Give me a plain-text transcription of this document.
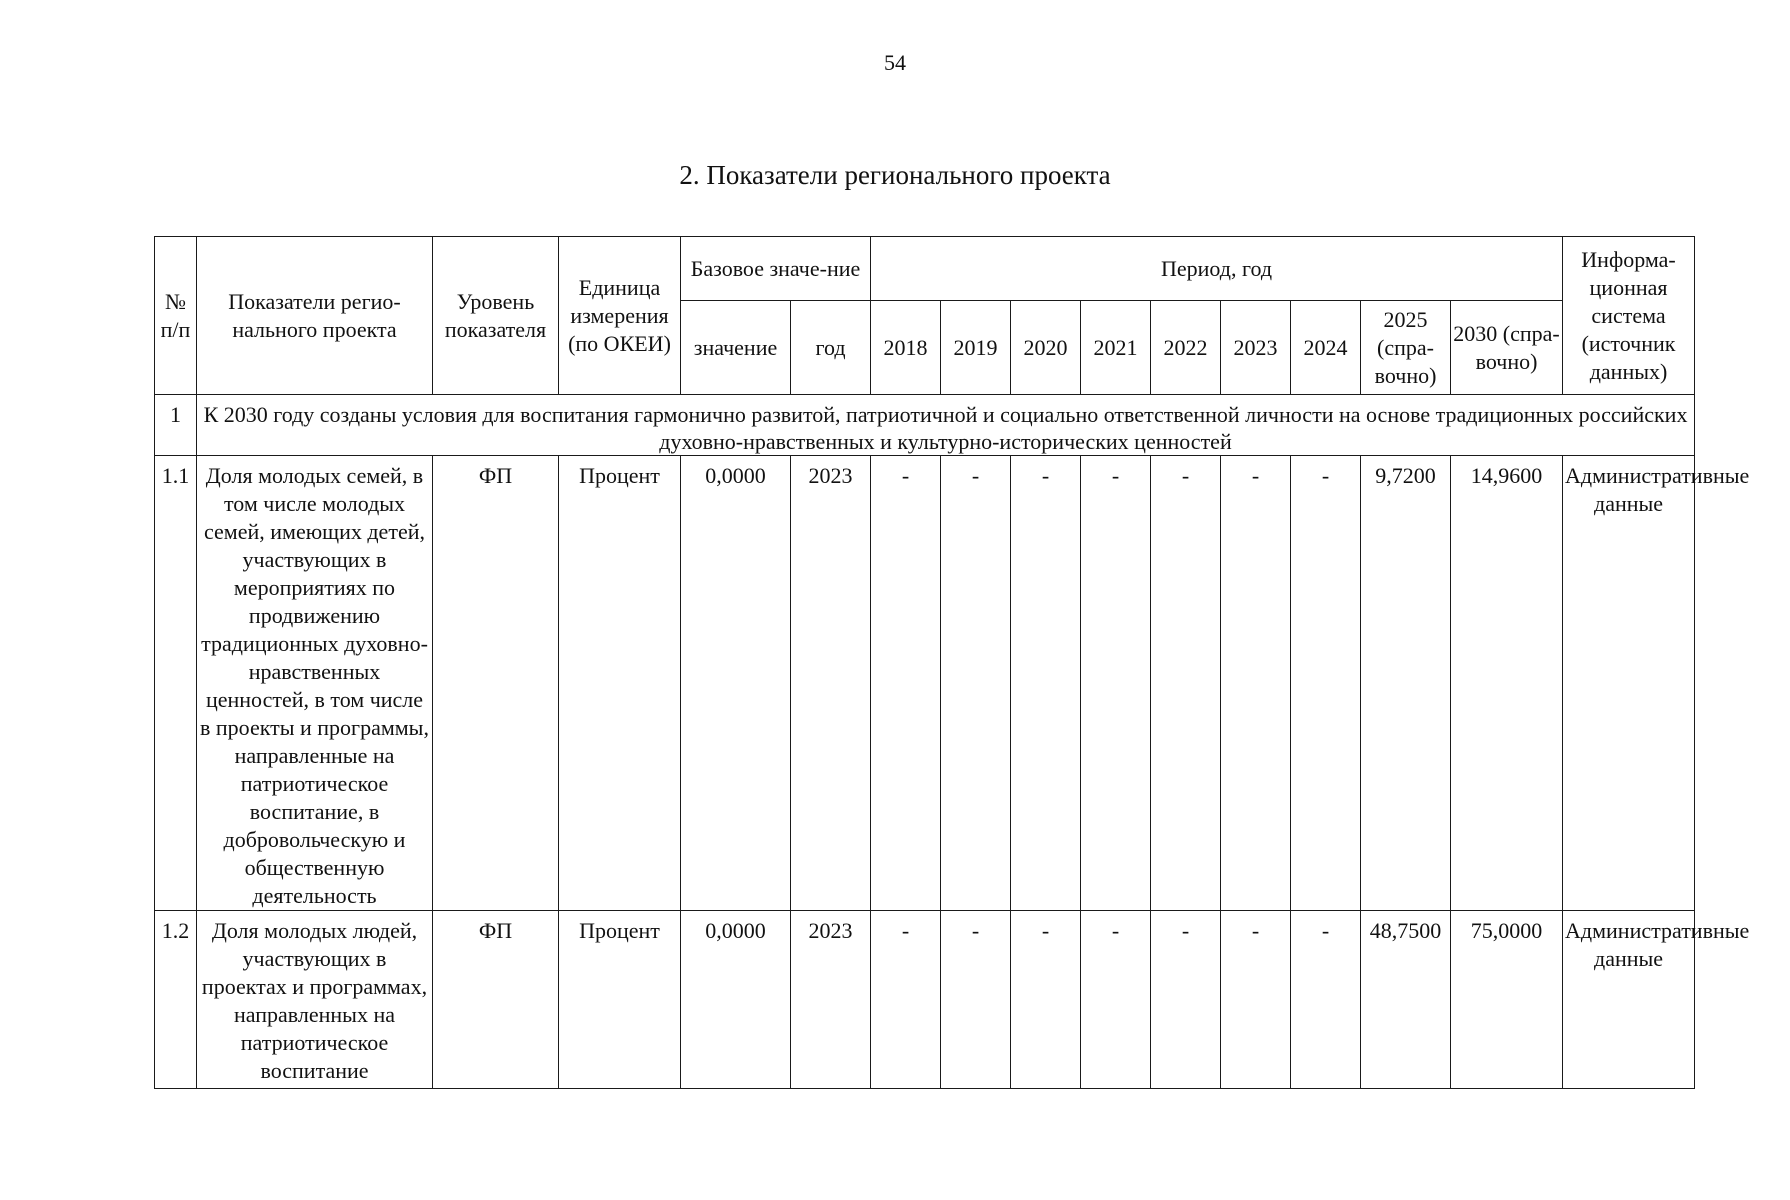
54
2. Показатели регионального проекта
№ п/п	Показатели регио-нального проекта	Уровень показателя	Единица измерения (по ОКЕИ)	Базовое значе-ние		Период, год									Информа-ционная система (источник данных)
				значение	год	2018	2019	2020	2021	2022	2023	2024	2025 (спра-вочно)	2030 (спра-вочно)	
1	К 2030 году созданы условия для воспитания гармонично развитой, патриотичной и социально ответственной личности на основе традиционных российских духовно-нравственных и культурно-исторических ценностей														
1.1	Доля молодых семей, в том числе молодых семей, имеющих детей, участвующих в мероприятиях по продвижению традиционных духовно-нравственных ценностей, в том числе в проекты и программы, направленные на патриотическое воспитание, в добровольческую и общественную деятельность	ФП	Процент	0,0000	2023	-	-	-	-	-	-	-	9,7200	14,9600	Административные данные
1.2	Доля молодых людей, участвующих в проектах и программах, направленных на патриотическое воспитание	ФП	Процент	0,0000	2023	-	-	-	-	-	-	-	48,7500	75,0000	Административные данные
